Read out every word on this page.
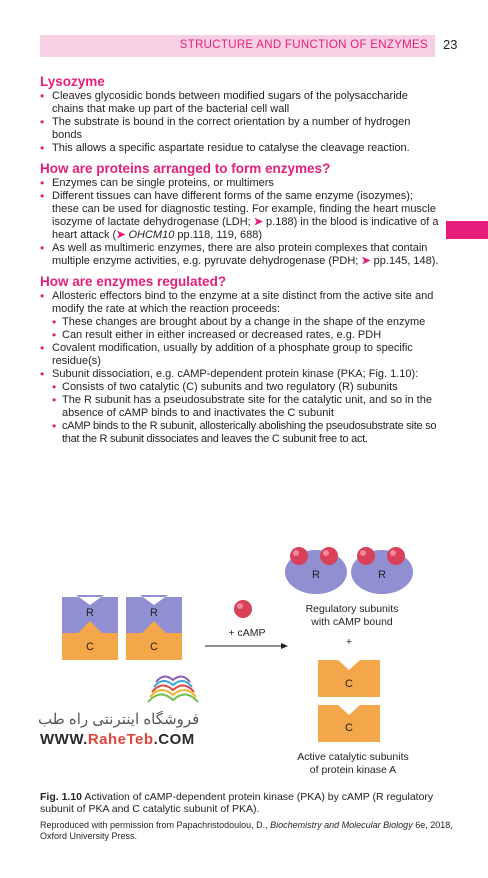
STRUCTURE AND FUNCTION OF ENZYMES 23
Lysozyme
• Cleaves glycosidic bonds between modified sugars of the polysaccharide chains that make up part of the bacterial cell wall
• The substrate is bound in the correct orientation by a number of hydrogen bonds
• This allows a specific aspartate residue to catalyse the cleavage reaction.
How are proteins arranged to form enzymes?
• Enzymes can be single proteins, or multimers
• Different tissues can have different forms of the same enzyme (isozymes); these can be used for diagnostic testing. For example, finding the heart muscle isozyme of lactate dehydrogenase (LDH; ➤ p.188) in the blood is indicative of a heart attack (➤ OHCM10 pp.118, 119, 688)
• As well as multimeric enzymes, there are also protein complexes that contain multiple enzyme activities, e.g. pyruvate dehydrogenase (PDH; ➤ pp.145, 148).
How are enzymes regulated?
• Allosteric effectors bind to the enzyme at a site distinct from the active site and modify the rate at which the reaction proceeds:
• These changes are brought about by a change in the shape of the enzyme
• Can result either in either increased or decreased rates, e.g. PDH
• Covalent modification, usually by addition of a phosphate group to specific residue(s)
• Subunit dissociation, e.g. cAMP-dependent protein kinase (PKA; Fig. 1.10):
• Consists of two catalytic (C) subunits and two regulatory (R) subunits
• The R subunit has a pseudosubstrate site for the catalytic unit, and so in the absence of cAMP binds to and inactivates the C subunit
• cAMP binds to the R subunit, allosterically abolishing the pseudosubstrate site so that the R subunit dissociates and leaves the C subunit free to act.
R	R
C	C
+ cAMP
R	R
Regulatory subunits
with cAMP bound
+
C
C
Active catalytic subunits
of protein kinase A
فروشگاه اینترنتی راه طب
WWW.RaheTeb.COM
Fig. 1.10 Activation of cAMP-dependent protein kinase (PKA) by cAMP (R regulatory subunit of PKA and C catalytic subunit of PKA).
Reproduced with permission from Papachristodoulou, D., Biochemistry and Molecular Biology 6e, 2018, Oxford University Press.
